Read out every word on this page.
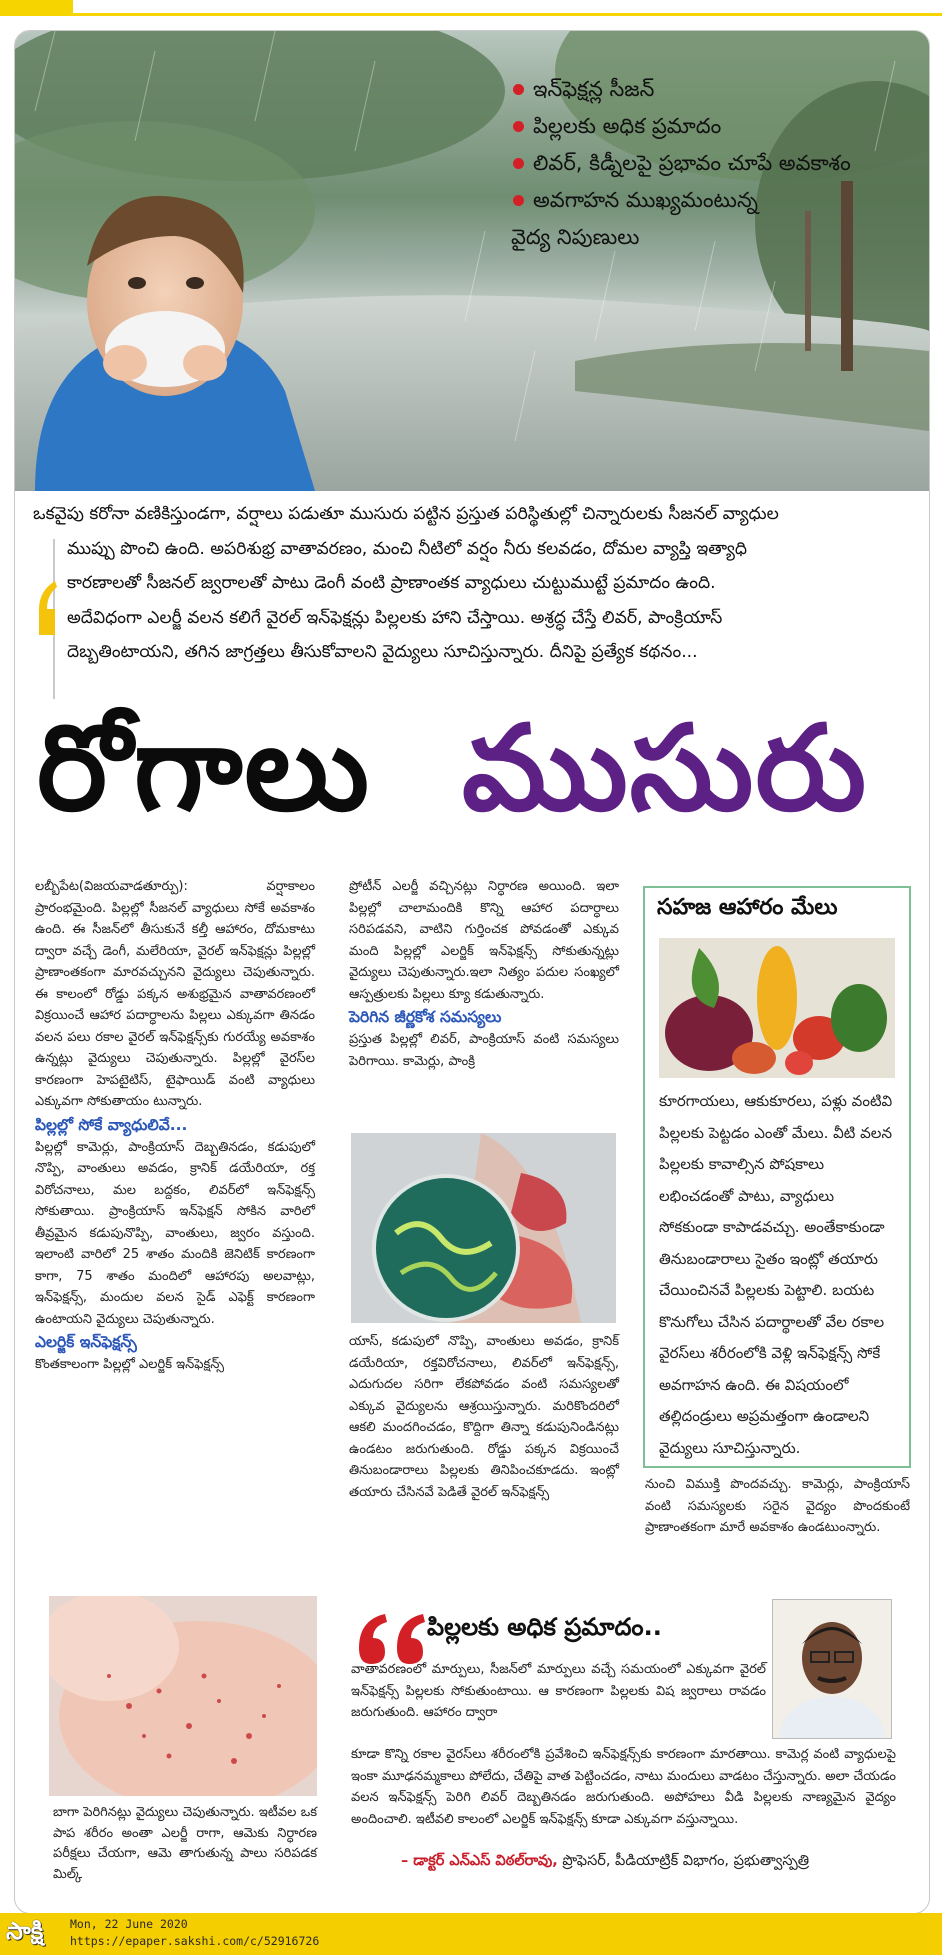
ఇన్‌ఫెక్షన్ల సీజన్
పిల్లలకు అధిక ప్రమాదం
లివర్, కిడ్నీలపై ప్రభావం చూపే అవకాశం
అవగాహన ముఖ్యమంటున్న
వైద్య నిపుణులు

ఒకవైపు కరోనా వణికిస్తుండగా, వర్షాలు పడుతూ ముసురు పట్టిన ప్రస్తుత పరిస్థితుల్లో చిన్నారులకు సీజనల్ వ్యాధుల

ముప్పు పొంచి ఉంది. అపరిశుభ్ర వాతావరణం, మంచి నీటిలో వర్షం నీరు కలవడం, దోమల వ్యాప్తి ఇత్యాధి

కారణాలతో సీజనల్ జ్వరాలతో పాటు డెంగీ వంటి ప్రాణాంతక వ్యాధులు చుట్టుముట్టే ప్రమాదం ఉంది.

అదేవిధంగా ఎలర్జీ వలన కలిగే వైరల్ ఇన్‌ఫెక్షన్లు పిల్లలకు హాని చేస్తాయి. అశ్రద్ధ చేస్తే లివర్, పాంక్రియాస్

దెబ్బతింటాయని, తగిన జాగ్రత్తలు తీసుకోవాలని వైద్యులు సూచిస్తున్నారు. దీనిపై ప్రత్యేక కథనం...

రోగాలు ముసురు

లబ్బీపేట(విజయవాడతూర్పు): వర్షాకాలం ప్రారంభమైంది. పిల్లల్లో సీజనల్ వ్యాధులు సోకే అవకాశం ఉంది. ఈ సీజన్‌లో తీసుకునే కల్తీ ఆహారం, దోమకాటు ద్వారా వచ్చే డెంగీ, మలేరియా, వైరల్ ఇన్‌ఫెక్షన్లు పిల్లల్లో ప్రాణాంతకంగా మారవచ్చునని వైద్యులు చెపుతున్నారు. ఈ కాలంలో రోడ్డు పక్కన అశుభ్రమైన వాతావరణంలో విక్రయించే ఆహార పదార్ధాలను పిల్లలు ఎక్కువగా తినడం వలన పలు రకాల వైరల్ ఇన్‌ఫెక్షన్స్‌కు గురయ్యే అవకాశం ఉన్నట్లు వైద్యులు చెపుతున్నారు. పిల్లల్లో వైరస్‌ల కారణంగా హెపటైటిస్, టైఫాయిడ్ వంటి వ్యాధులు ఎక్కువగా సోకుతాయం టున్నారు.

పిల్లల్లో సోకే వ్యాధులివే...

పిల్లల్లో కామెర్లు, పాంక్రియాస్ దెబ్బతినడం, కడుపులో నొప్పి, వాంతులు అవడం, క్రానిక్ డయేరియా, రక్త విరోచనాలు, మల బద్దకం, లివర్‌లో ఇన్‌ఫెక్షన్స్ సోకుతాయి. ప్రాంక్రియాస్ ఇన్‌ఫెక్షన్ సోకిన వారిలో తీవ్రమైన కడుపునొప్పి, వాంతులు, జ్వరం వస్తుంది. ఇలాంటి వారిలో 25 శాతం మందికి జెనిటిక్ కారణంగా కాగా, 75 శాతం మందిలో ఆహారపు అలవాట్లు, ఇన్‌ఫెక్షన్స్, మందుల వలన సైడ్ ఎఫెక్ట్ కారణంగా ఉంటాయని వైద్యులు చెపుతున్నారు.

ఎలర్జిక్ ఇన్‌ఫెక్షన్స్

కొంతకాలంగా పిల్లల్లో ఎలర్జిక్ ఇన్‌ఫెక్షన్స్

బాగా పెరిగినట్లు వైద్యులు చెపుతున్నారు. ఇటీవల ఒక పాప శరీరం అంతా ఎలర్జీ రాగా, ఆమెకు నిర్ధారణ పరీక్షలు చేయగా, ఆమె తాగుతున్న పాలు సరిపడక మిల్క్

ప్రోటీన్ ఎలర్జీ వచ్చినట్లు నిర్ధారణ అయింది. ఇలా పిల్లల్లో చాలామందికి కొన్ని ఆహార పదార్ధాలు సరిపడవని, వాటిని గుర్తించక పోవడంతో ఎక్కువ మంది పిల్లల్లో ఎలర్జిక్ ఇన్‌ఫెక్షన్స్ సోకుతున్నట్లు వైద్యులు చెపుతున్నారు.ఇలా నిత్యం పదుల సంఖ్యలో ఆస్పత్రులకు పిల్లలు క్యూ కడుతున్నారు.

పెరిగిన జీర్ణకోశ సమస్యలు

ప్రస్తుత పిల్లల్లో లివర్, పాంక్రియాస్ వంటి సమస్యలు పెరిగాయి. కామెర్లు, పాంక్రి

యాస్, కడుపులో నొప్పి, వాంతులు అవడం, క్రానిక్ డయేరియా, రక్తవిరోచనాలు, లివర్‌లో ఇన్‌ఫెక్షన్స్, ఎదుగుదల సరిగా లేకపోవడం వంటి సమస్యలతో ఎక్కువ వైద్యులను ఆశ్రయిస్తున్నారు. మరికొందరిలో ఆకలి మందగించడం, కొద్దిగా తిన్నా కడుపునిండినట్లు ఉండటం జరుగుతుంది. రోడ్డు పక్కన విక్రయించే తినుబండారాలు పిల్లలకు తినిపించకూడదు. ఇంట్లో తయారు చేసినవే పెడితే వైరల్ ఇన్‌ఫెక్షన్స్

సహజ ఆహారం మేలు
కూరగాయలు, ఆకుకూరలు, పళ్లు వంటివి పిల్లలకు పెట్టడం ఎంతో మేలు. వీటి వలన పిల్లలకు కావాల్సిన పోషకాలు లభించడంతో పాటు, వ్యాధులు సోకకుండా కాపాడవచ్చు. అంతేకాకుండా తినుబండారాలు సైతం ఇంట్లో తయారు చేయించినవే పిల్లలకు పెట్టాలి. బయట కొనుగోలు చేసిన పదార్థాలతో వేల రకాల వైరస్‌లు శరీరంలోకి వెళ్లి ఇన్‌ఫెక్షన్స్ సోకే అవగాహన ఉంది. ఈ విషయంలో తల్లిదండ్రులు అప్రమత్తంగా ఉండాలని వైద్యులు సూచిస్తున్నారు.

నుంచి విముక్తి పొందవచ్చు. కామెర్లు, పాంక్రియాస్ వంటి సమస్యలకు సరైన వైద్యం పొందకుంటే ప్రాణాంతకంగా మారే అవకాశం ఉండటుంన్నారు.

పిల్లలకు అధిక ప్రమాదం..
వాతావరణంలో మార్పులు, సీజన్‌లో మార్పులు వచ్చే సమయంలో ఎక్కువగా వైరల్ ఇన్‌ఫెక్షన్స్ పిల్లలకు సోకుతుంటాయి. ఆ కారణంగా పిల్లలకు విష జ్వరాలు రావడం జరుగుతుంది. ఆహారం ద్వారా
కూడా కొన్ని రకాల వైరస్‌లు శరీరంలోకి ప్రవేశించి ఇన్‌ఫెక్షన్స్‌కు కారణంగా మారతాయి. కామెర్ల వంటి వ్యాధులపై ఇంకా మూఢనమ్మకాలు పోలేదు, చేతిపై వాత పెట్టించడం, నాటు మందులు వాడటం చేస్తున్నారు. అలా చేయడం వలన ఇన్‌ఫెక్షన్స్ పెరిగి లివర్ దెబ్బతినడం జరుగుతుంది. అపోహలు వీడి పిల్లలకు నాణ్యమైన వైద్యం అందించాలి. ఇటీవలి కాలంలో ఎలర్జిక్ ఇన్‌ఫెక్షన్స్ కూడా ఎక్కువగా వస్తున్నాయి.
– డాక్టర్ ఎన్ఎస్ విఠల్‌రావు, ప్రొఫెసర్, పీడియాట్రిక్ విభాగం, ప్రభుత్వాస్పత్రి
సాక్షి Mon, 22 June 2020
https://epaper.sakshi.com/c/52916726
